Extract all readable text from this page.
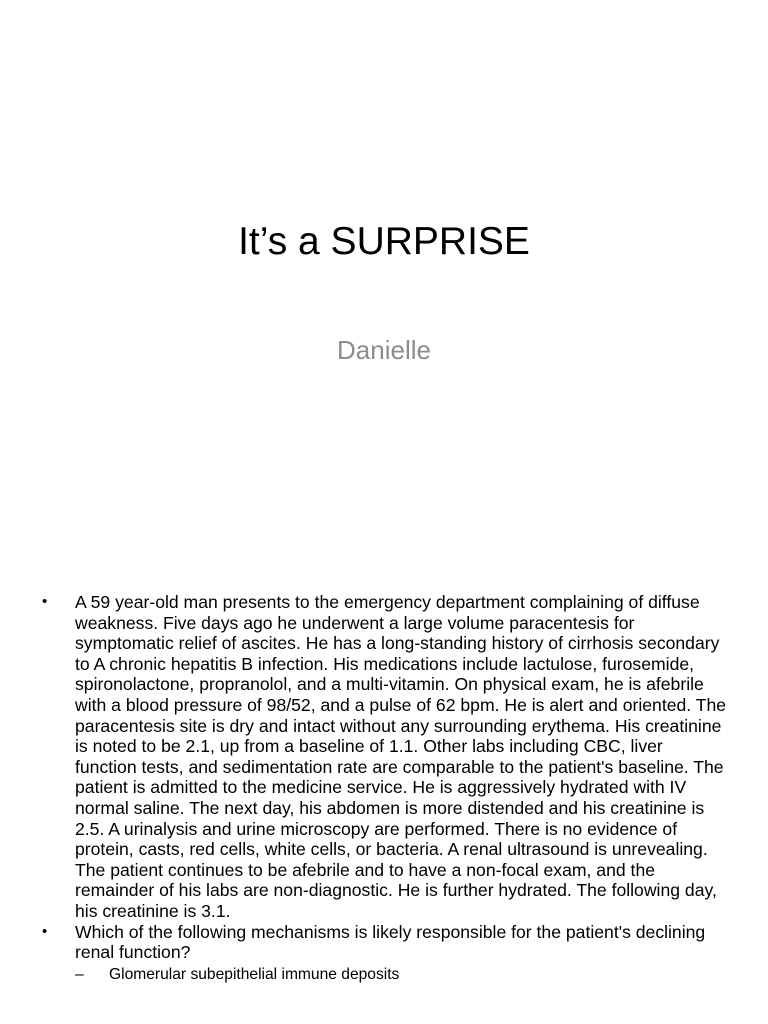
It’s a SURPRISE
Danielle
• A 59 year-old man presents to the emergency department complaining of diffuse weakness. Five days ago he underwent a large volume paracentesis for symptomatic relief of ascites. He has a long-standing history of cirrhosis secondary to A chronic hepatitis B infection. His medications include lactulose, furosemide, spironolactone, propranolol, and a multi-vitamin. On physical exam, he is afebrile with a blood pressure of 98/52, and a pulse of 62 bpm. He is alert and oriented. The paracentesis site is dry and intact without any surrounding erythema. His creatinine is noted to be 2.1, up from a baseline of 1.1. Other labs including CBC, liver function tests, and sedimentation rate are comparable to the patient's baseline. The patient is admitted to the medicine service. He is aggressively hydrated with IV normal saline. The next day, his abdomen is more distended and his creatinine is 2.5. A urinalysis and urine microscopy are performed. There is no evidence of protein, casts, red cells, white cells, or bacteria. A renal ultrasound is unrevealing. The patient continues to be afebrile and to have a non-focal exam, and the remainder of his labs are non-diagnostic. He is further hydrated. The following day, his creatinine is 3.1.
• Which of the following mechanisms is likely responsible for the patient's declining renal function?
– Glomerular subepithelial immune deposits
